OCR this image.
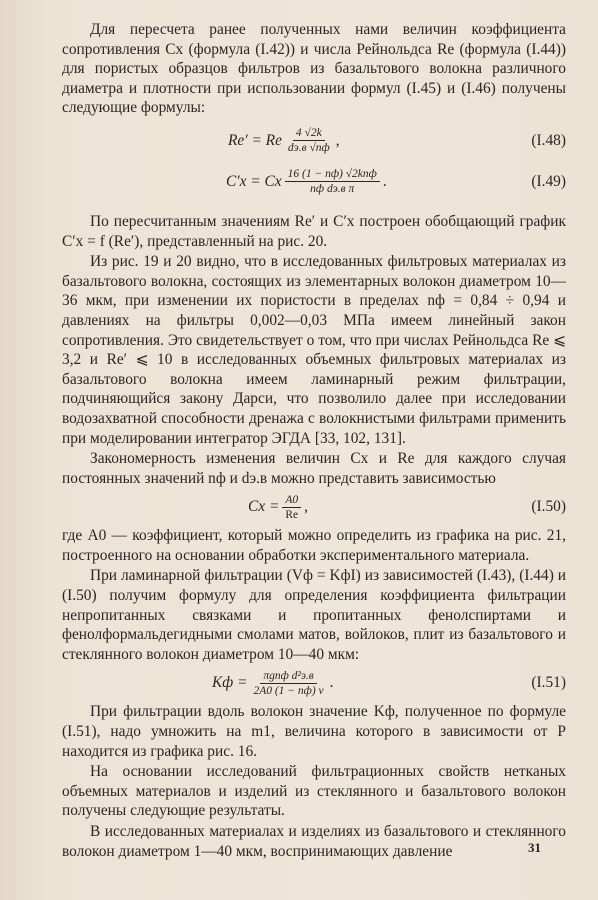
Для пересчета ранее полученных нами величин коэффициента сопротивления Cx (формула (I.42)) и числа Рейнольдса Re (формула (I.44)) для пористых образцов фильтров из базальтового волокна различного диаметра и плотности при использовании формул (I.45) и (I.46) получены следующие формулы:

Re′ = Re $\frac{4 √2k}{dэ.в √nф}$ ,	(I.48)
C′x = Cx $\frac{\text{16 (1 − nф) √2knф}}{\text{nф dэ.в π}}$ .	(I.49)

По пересчитанным значениям Re′ и C′x построен обобщающий график C′x = f (Re′), представленный на рис. 20.

Из рис. 19 и 20 видно, что в исследованных фильтровых материалах из базальтового волокна, состоящих из элементарных волокон диаметром 10—36 мкм, при изменении их пористости в пределах nф = 0,84 ÷ 0,94 и давлениях на фильтры 0,002—0,03 МПа имеем линейный закон сопротивления. Это свидетельствует о том, что при числах Рейнольдса Re ⩽ 3,2 и Re′ ⩽ 10 в исследованных объемных фильтровых материалах из базальтового волокна имеем ламинарный режим фильтрации, подчиняющийся закону Дарси, что позволило далее при исследовании водозахватной способности дренажа с волокнистыми фильтрами применить при моделировании интегратор ЭГДА [33, 102, 131].

Закономерность изменения величин Cx и Re для каждого случая постоянных значений nф и dэ.в можно представить зависимостью

$Cx = \frac{A0}{Re}$ ,	(I.50)

где A0 — коэффициент, который можно определить из графика на рис. 21, построенного на основании обработки экспериментального материала.

При ламинарной фильтрации (Vф = KфI) из зависимостей (I.43), (I.44) и (I.50) получим формулу для определения коэффициента фильтрации непропитанных связками и пропитанных фенолспиртами и фенолформальдегидными смолами матов, войлоков, плит из базальтового и стеклянного волокон диаметром 10—40 мкм:

Kф = $\frac{\text{πgnф d²э.в}}{2A0 (1 - nф) \nu}$ .	(I.51)

При фильтрации вдоль волокон значение Kф, полученное по формуле (I.51), надо умножить на m1, величина которого в зависимости от P находится из графика рис. 16.

На основании исследований фильтрационных свойств нетканых объемных материалов и изделий из стеклянного и базальтового волокон получены следующие результаты.

В исследованных материалах и изделиях из базальтового и стеклянного волокон диаметром 1—40 мкм, воспринимающих давление	31
